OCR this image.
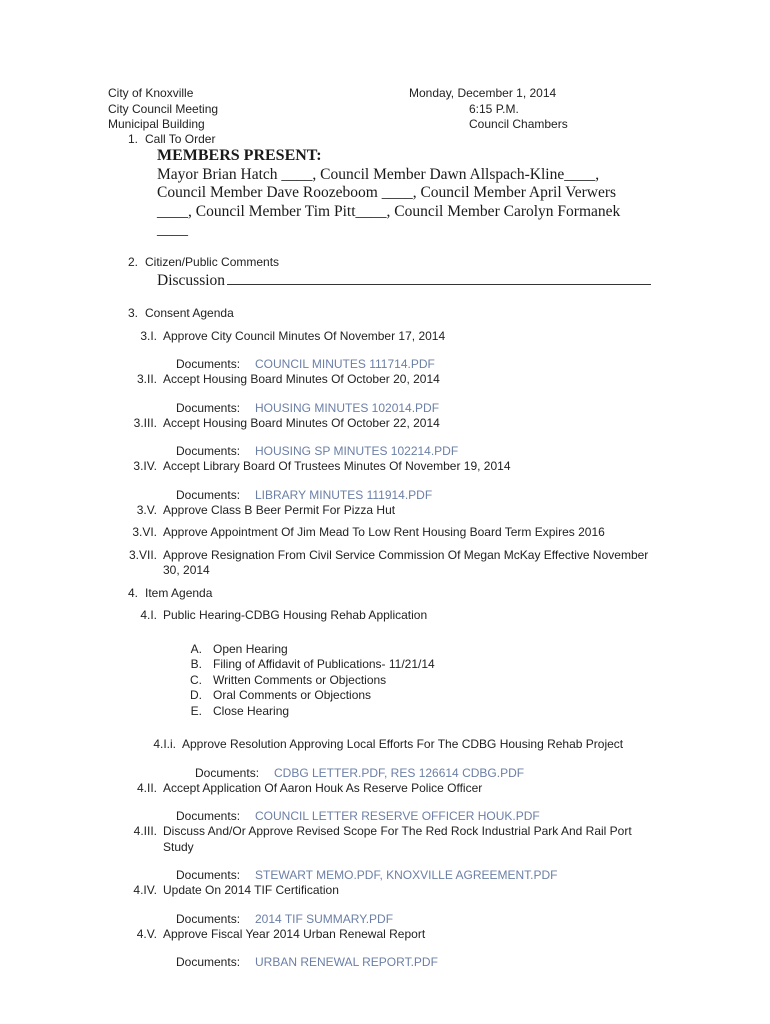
City of Knoxville	Monday, December 1, 2014
City Council Meeting	6:15 P.M.
Municipal Building	Council Chambers
1. Call To Order
MEMBERS PRESENT:
Mayor Brian Hatch ____, Council Member Dawn Allspach-Kline____, Council Member Dave Roozeboom ____, Council Member April Verwers ____, Council Member Tim Pitt____, Council Member Carolyn Formanek ____
2. Citizen/Public Comments
Discussion
3. Consent Agenda
3.I. Approve City Council Minutes Of November 17, 2014
Documents: COUNCIL MINUTES 111714.PDF
3.II. Accept Housing Board Minutes Of October 20, 2014
Documents: HOUSING MINUTES 102014.PDF
3.III. Accept Housing Board Minutes Of October 22, 2014
Documents: HOUSING SP MINUTES 102214.PDF
3.IV. Accept Library Board Of Trustees Minutes Of November 19, 2014
Documents: LIBRARY MINUTES 111914.PDF
3.V. Approve Class B Beer Permit For Pizza Hut
3.VI. Approve Appointment Of Jim Mead To Low Rent Housing Board Term Expires 2016
3.VII. Approve Resignation From Civil Service Commission Of Megan McKay Effective November 30, 2014
4. Item Agenda
4.I. Public Hearing-CDBG Housing Rehab Application
A. Open Hearing
B. Filing of Affidavit of Publications- 11/21/14
C. Written Comments or Objections
D. Oral Comments or Objections
E. Close Hearing
4.I.i. Approve Resolution Approving Local Efforts For The CDBG Housing Rehab Project
Documents: CDBG LETTER.PDF, RES 126614 CDBG.PDF
4.II. Accept Application Of Aaron Houk As Reserve Police Officer
Documents: COUNCIL LETTER RESERVE OFFICER HOUK.PDF
4.III. Discuss And/Or Approve Revised Scope For The Red Rock Industrial Park And Rail Port Study
Documents: STEWART MEMO.PDF, KNOXVILLE AGREEMENT.PDF
4.IV. Update On 2014 TIF Certification
Documents: 2014 TIF SUMMARY.PDF
4.V. Approve Fiscal Year 2014 Urban Renewal Report
Documents: URBAN RENEWAL REPORT.PDF
